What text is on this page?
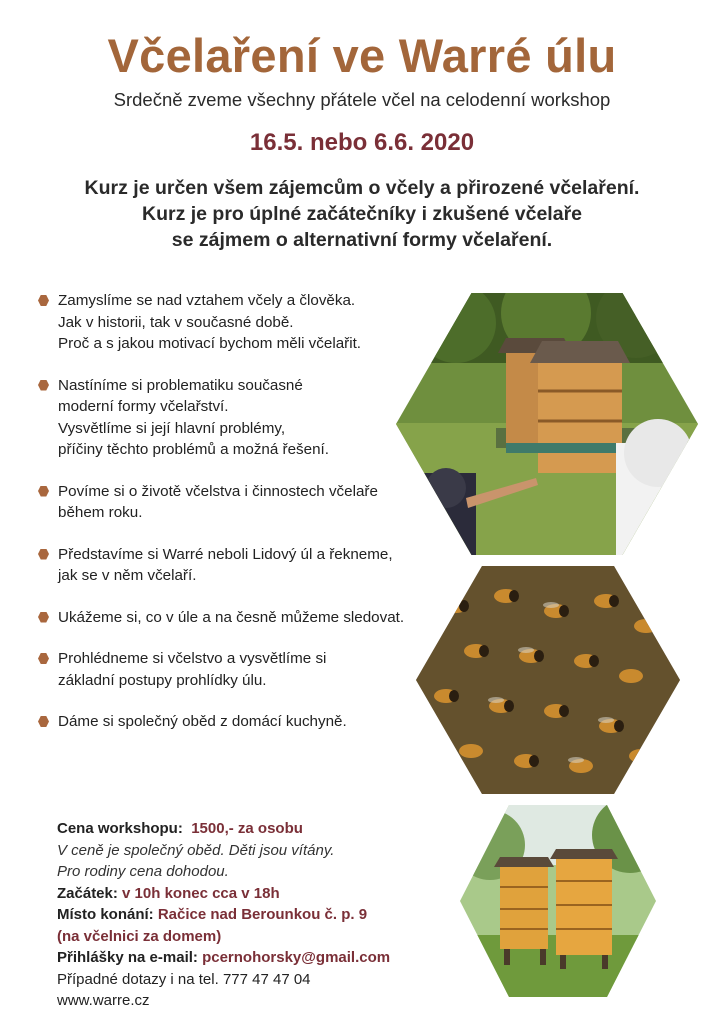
Včelaření ve Warré úlu
Srdečně zveme všechny přátele včel na celodenní workshop
16.5. nebo 6.6. 2020
Kurz je určen všem zájemcům o včely a přirozené včelaření.
Kurz je pro úplné začátečníky i zkušené včelaře
se zájmem o alternativní formy včelaření.
Zamyslíme se nad vztahem včely a člověka.
Jak v historii, tak v současné době.
Proč a s jakou motivací bychom měli včelařit.
Nastíníme si problematiku současné
moderní formy včelařství.
Vysvětlíme si její hlavní problémy,
příčiny těchto problémů a možná řešení.
Povíme si o životě včelstva i činnostech včelaře
během roku.
Představíme si Warré neboli Lidový úl a řekneme,
jak se v něm včelaří.
Ukážeme si, co v úle a na česně můžeme sledovat.
Prohlédneme si včelstvo a vysvětlíme si
základní postupy prohlídky úlu.
Dáme si společný oběd z domácí kuchyně.
Cena workshopu: 1500,- za osobu
V ceně je společný oběd. Děti jsou vítány.
Pro rodiny cena dohodou.
Začátek: v 10h konec cca v 18h
Místo konání: Račice nad Berounkou č. p. 9
(na včelnici za domem)
Přihlášky na e-mail: pcernohorsky@gmail.com
Případné dotazy i na tel. 777 47 47 04
www.warre.cz
